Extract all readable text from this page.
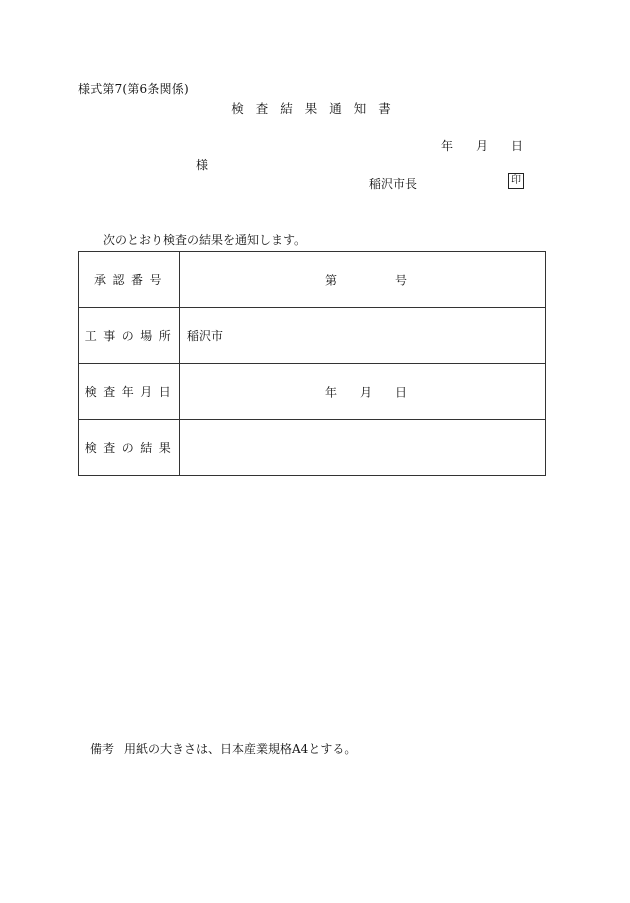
様式第7(第6条関係)
検査結果通知書
年 月 日
様
稲沢市長	印
次のとおり検査の結果を通知します。
承認番号	第 号

工事の場所	稲沢市
検査年月日	年 月 日

検査の結果	
備考 用紙の大きさは、日本産業規格A4とする。
